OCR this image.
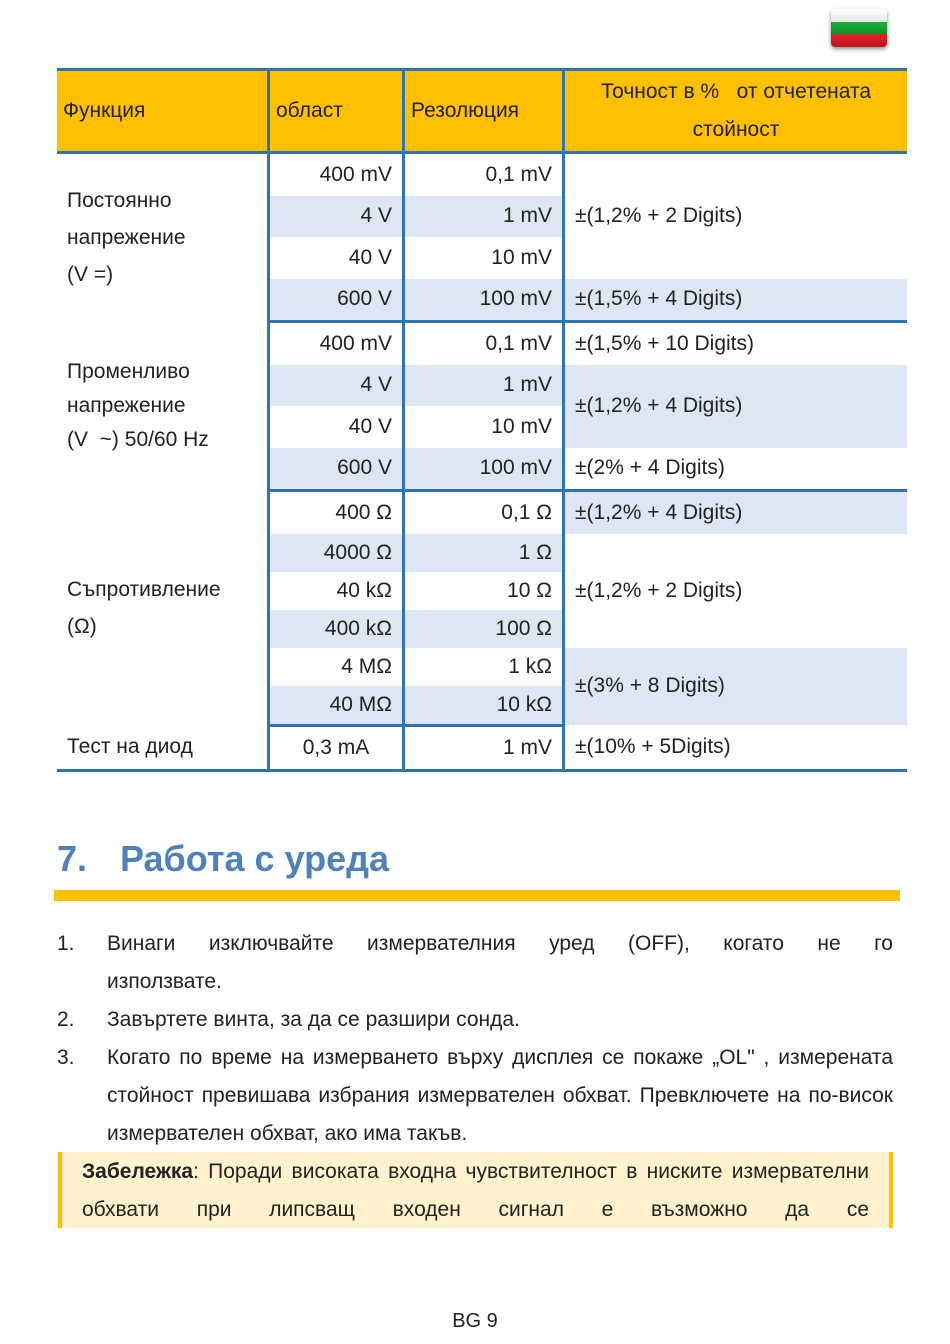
Функция	област	Резолюция	Точност в %   от отчетената
стойност

Постоянно
напрежение
(V =)	400 mV	0,1 mV	±(1,2% + 2 Digits)
	4 V	1 mV	
	40 V	10 mV	
	600 V	100 mV	±(1,5% + 4 Digits)

Променливо
напрежение
(V  ~) 50/60 Hz	400 mV	0,1 mV	±(1,5% + 10 Digits)
	4 V	1 mV	±(1,2% + 4 Digits)
	40 V	10 mV	
	600 V	100 mV	±(2% + 4 Digits)

Съпротивление
(Ω)	400 Ω	0,1 Ω	±(1,2% + 4 Digits)
	4000 Ω	1 Ω	±(1,2% + 2 Digits)
	40 kΩ	10 Ω	
	400 kΩ	100 Ω	
	4 MΩ	1 kΩ	±(3% + 8 Digits)
	40 MΩ	10 kΩ	
Тест на диод	0,3 mA	1 mV	±(10% + 5Digits)
7. Работа с уреда
1. Винаги изключвайте измервателния уред (OFF), когато не го
използвате.
2. Завъртете винта, за да се разшири сонда.
3. Когато по време на измерването върху дисплея се покаже „OL" , измерената стойност превишава избрания измервателен обхват. Превключете на по-висок измервателен обхват, ако има такъв.
Забележка: Поради високата входна чувствителност в ниските измервателни обхвати при липсващ входен сигнал е възможно да се
BG 9
